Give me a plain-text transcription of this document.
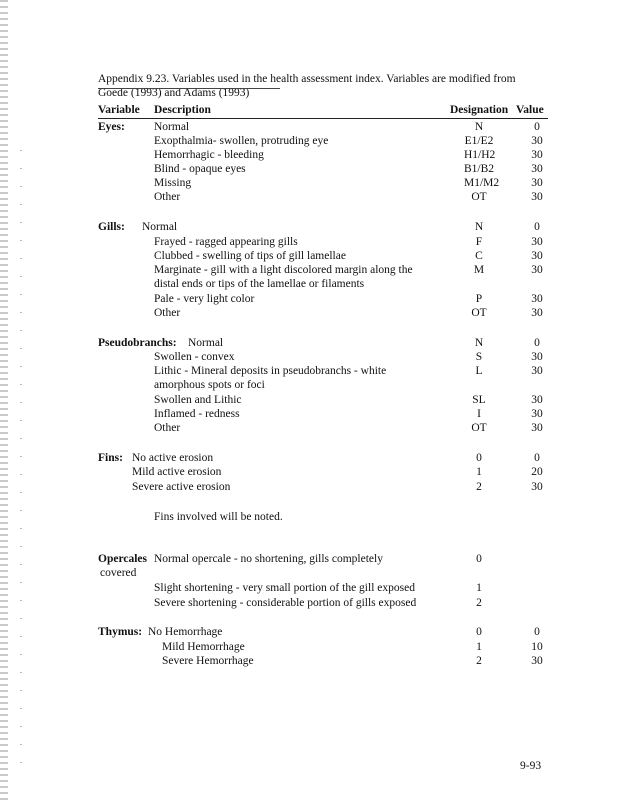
Appendix 9.23. Variables used in the health assessment index. Variables are modified from
Goede (1993) and Adams (1993)
Variable Description	Designation Value
Eyes:	Normal	N	0
Exopthalmia- swollen, protruding eye	E1/E2	30
Hemorrhagic - bleeding	H1/H2	30
Blind - opaque eyes	B1/B2	30
Missing	M1/M2	30
Other	OT	30
Gills: Normal	N	0
Frayed - ragged appearing gills	F	30
Clubbed - swelling of tips of gill lamellae	C	30
Marginate - gill with a light discolored margin along the	M	30
distal ends or tips of the lamellae or filaments
Pale - very light color	P	30
Other	OT	30
Pseudobranchs: Normal	N	0
Swollen - convex	S	30
Lithic - Mineral deposits in pseudobranchs - white	L	30
amorphous spots or foci
Swollen and Lithic	SL	30
Inflamed - redness	I	30
Other	OT	30
Fins: No active erosion	0	0
Mild active erosion	1	20
Severe active erosion	2	30
Fins involved will be noted.
Opercales Normal opercale - no shortening, gills completely	0
covered
Slight shortening - very small portion of the gill exposed	1
Severe shortening - considerable portion of gills exposed	2
Thymus: No Hemorrhage	0	0
Mild Hemorrhage	1	10
Severe Hemorrhage	2	30
9-93
